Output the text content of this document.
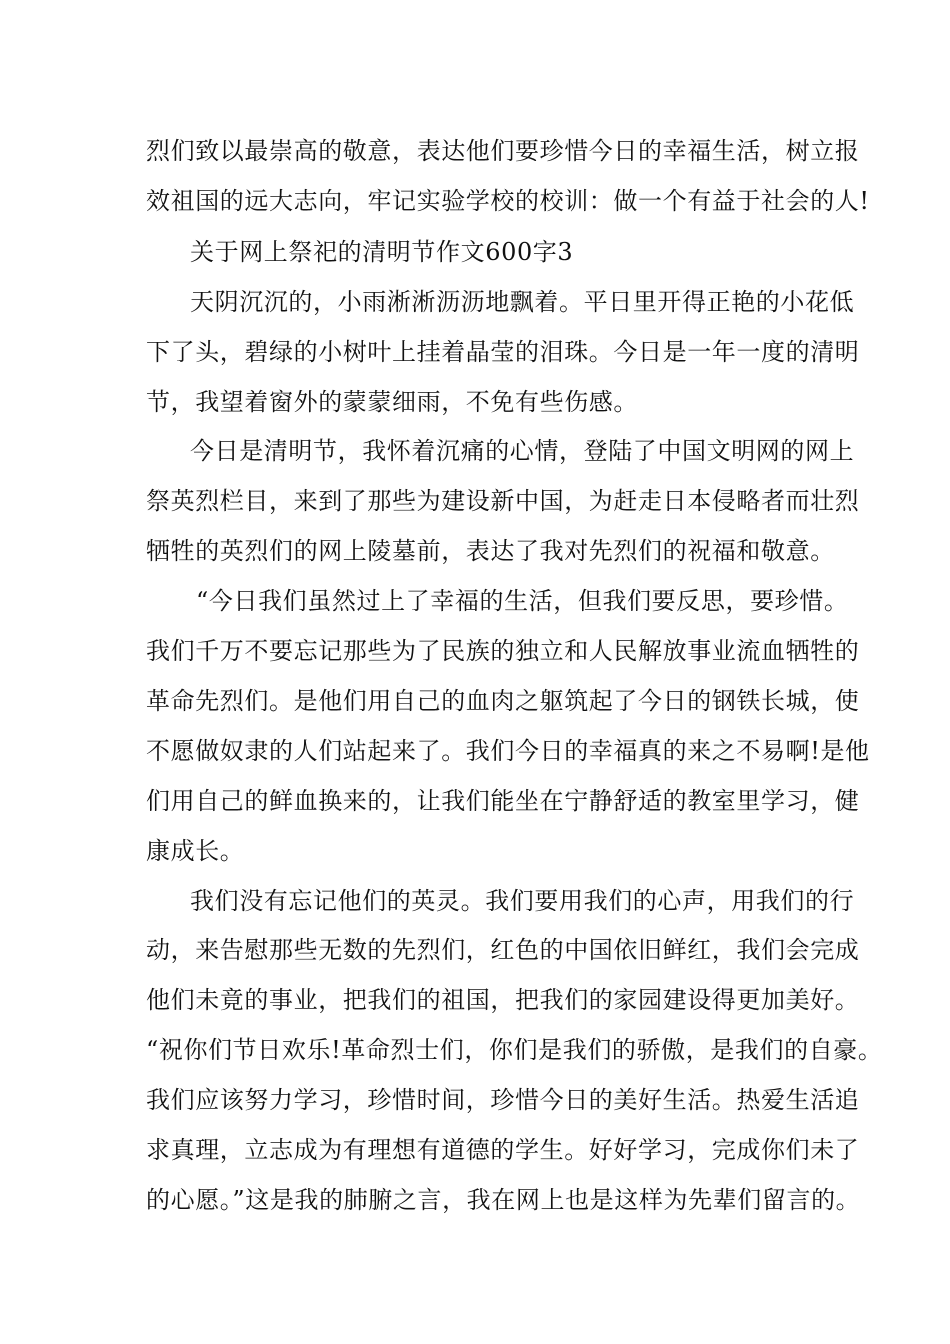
烈们致以最崇高的敬意，表达他们要珍惜今日的幸福生活，树立报
效祖国的远大志向，牢记实验学校的校训：做一个有益于社会的人!
关于网上祭祀的清明节作文600字3
天阴沉沉的，小雨淅淅沥沥地飘着。平日里开得正艳的小花低
下了头，碧绿的小树叶上挂着晶莹的泪珠。今日是一年一度的清明
节，我望着窗外的蒙蒙细雨，不免有些伤感。
今日是清明节，我怀着沉痛的心情，登陆了中国文明网的网上
祭英烈栏目，来到了那些为建设新中国，为赶走日本侵略者而壮烈
牺牲的英烈们的网上陵墓前，表达了我对先烈们的祝福和敬意。
“今日我们虽然过上了幸福的生活，但我们要反思，要珍惜。
我们千万不要忘记那些为了民族的独立和人民解放事业流血牺牲的
革命先烈们。是他们用自己的血肉之躯筑起了今日的钢铁长城，使
不愿做奴隶的人们站起来了。我们今日的幸福真的来之不易啊!是他
们用自己的鲜血换来的，让我们能坐在宁静舒适的教室里学习，健
康成长。
我们没有忘记他们的英灵。我们要用我们的心声，用我们的行
动，来告慰那些无数的先烈们，红色的中国依旧鲜红，我们会完成
他们未竟的事业，把我们的祖国，把我们的家园建设得更加美好。
“祝你们节日欢乐!革命烈士们，你们是我们的骄傲，是我们的自豪。
我们应该努力学习，珍惜时间，珍惜今日的美好生活。热爱生活追
求真理，立志成为有理想有道德的学生。好好学习，完成你们未了
的心愿。”这是我的肺腑之言，我在网上也是这样为先辈们留言的。
